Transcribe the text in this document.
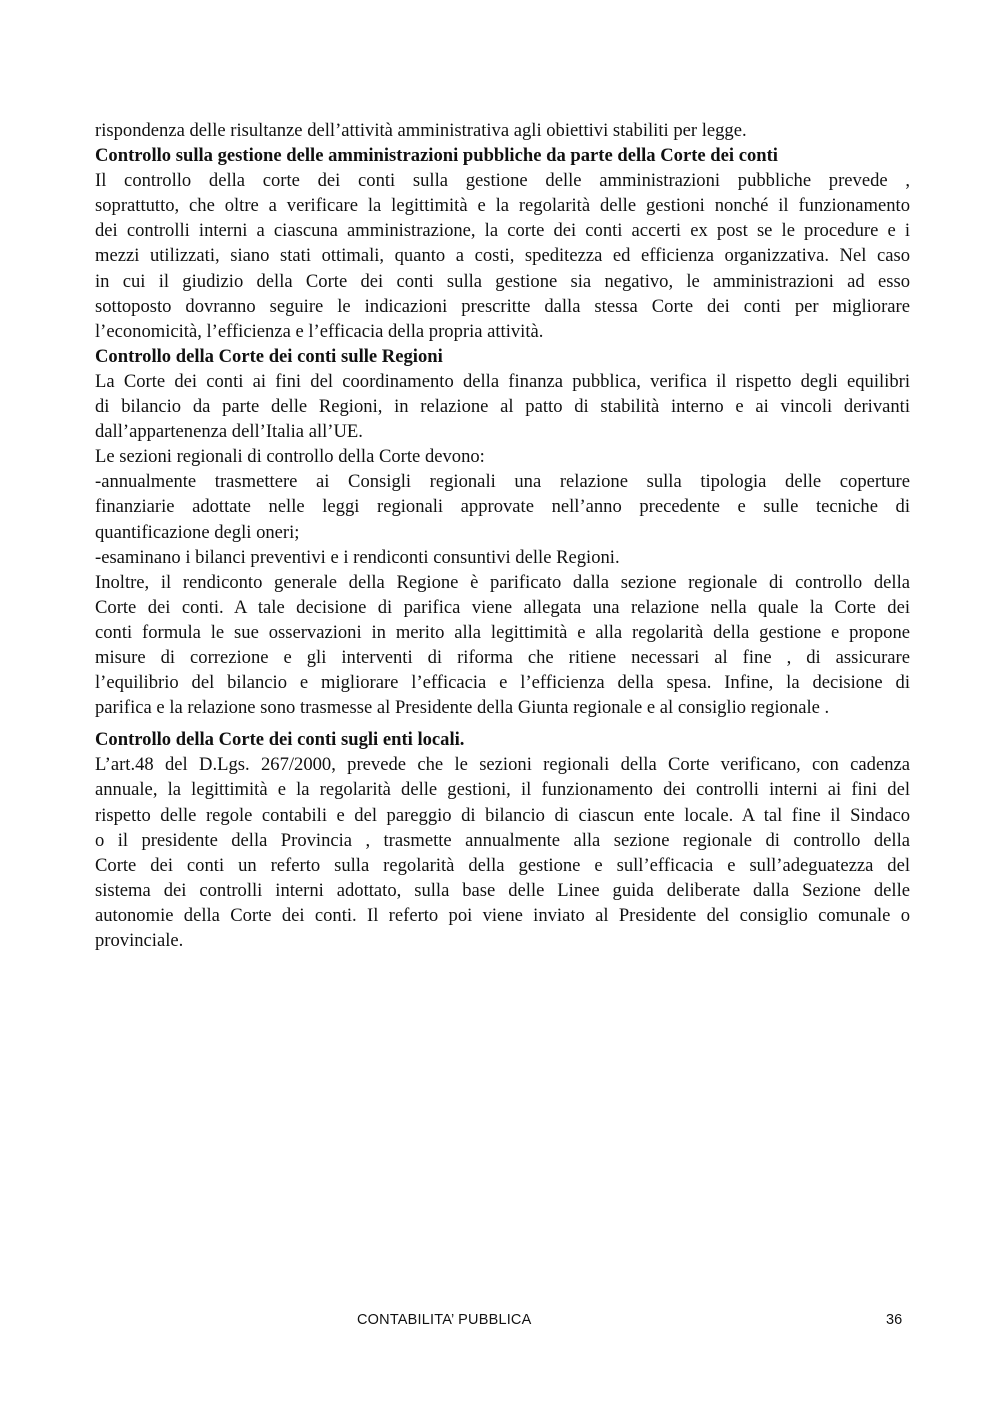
rispondenza delle risultanze dell’attività amministrativa agli obiettivi stabiliti per legge.
Controllo sulla gestione delle amministrazioni pubbliche da parte della Corte dei conti
Il controllo della corte dei conti sulla gestione delle amministrazioni pubbliche prevede ,
soprattutto, che oltre a verificare la legittimità e la regolarità delle gestioni nonché il funzionamento
dei controlli interni a ciascuna amministrazione, la corte dei conti accerti ex post se le procedure e i
mezzi utilizzati, siano stati ottimali, quanto a costi, speditezza ed efficienza organizzativa. Nel caso
in cui il giudizio della Corte dei conti sulla gestione sia negativo, le amministrazioni ad esso
sottoposto dovranno seguire le indicazioni prescritte dalla stessa Corte dei conti per migliorare
l’economicità, l’efficienza e l’efficacia della propria attività.
Controllo della Corte dei conti sulle Regioni
La Corte dei conti ai fini del coordinamento della finanza pubblica, verifica il rispetto degli equilibri
di bilancio da parte delle Regioni, in relazione al patto di stabilità interno e ai vincoli derivanti
dall’appartenenza dell’Italia all’UE.
Le sezioni regionali di controllo della Corte devono:
-annualmente trasmettere ai Consigli regionali una relazione sulla tipologia delle coperture
finanziarie adottate nelle leggi regionali approvate nell’anno precedente e sulle tecniche di
quantificazione degli oneri;
-esaminano i bilanci preventivi e i rendiconti consuntivi delle Regioni.
Inoltre, il rendiconto generale della Regione è parificato dalla sezione regionale di controllo della
Corte dei conti. A tale decisione di parifica viene allegata una relazione nella quale la Corte dei
conti formula le sue osservazioni in merito alla legittimità e alla regolarità della gestione e propone
misure di correzione e gli interventi di riforma che ritiene necessari al fine , di assicurare
l’equilibrio del bilancio e migliorare l’efficacia e l’efficienza della spesa. Infine, la decisione di
parifica e la relazione sono trasmesse al Presidente della Giunta regionale e al consiglio regionale .
Controllo della Corte dei conti sugli enti locali.
L’art.48 del D.Lgs. 267/2000, prevede che le sezioni regionali della Corte verificano, con cadenza
annuale, la legittimità e la regolarità delle gestioni, il funzionamento dei controlli interni ai fini del
rispetto delle regole contabili e del pareggio di bilancio di ciascun ente locale. A tal fine il Sindaco
o il presidente della Provincia , trasmette annualmente alla sezione regionale di controllo della
Corte dei conti un referto sulla regolarità della gestione e sull’efficacia e sull’adeguatezza del
sistema dei controlli interni adottato, sulla base delle Linee guida deliberate dalla Sezione delle
autonomie della Corte dei conti. Il referto poi viene inviato al Presidente del consiglio comunale o
provinciale.
CONTABILITA’ PUBBLICA	36
